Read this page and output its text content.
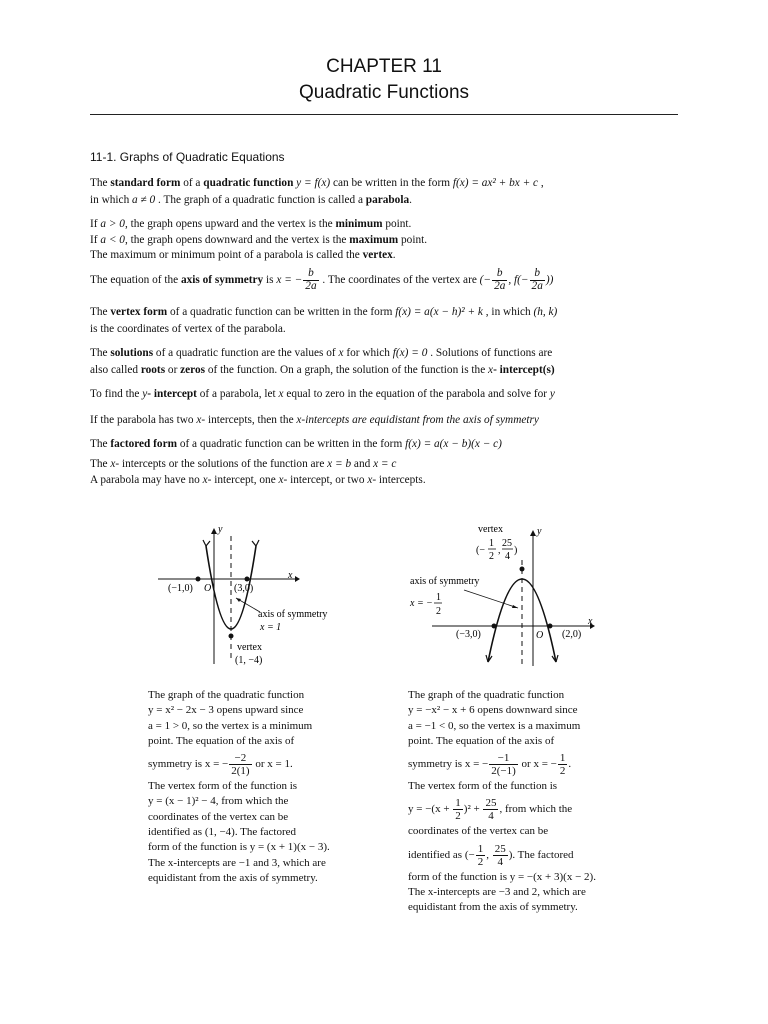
CHAPTER 11
Quadratic Functions
11-1. Graphs of Quadratic Equations
The standard form of a quadratic function y = f(x) can be written in the form f(x) = ax² + bx + c ,
in which a ≠ 0 . The graph of a quadratic function is called a parabola.
If a > 0, the graph opens upward and the vertex is the minimum point.
If a < 0, the graph opens downward and the vertex is the maximum point.
The maximum or minimum point of a parabola is called the vertex.
The equation of the axis of symmetry is x = − $\frac{b}{2a}$ . The coordinates of the vertex are (− $\frac{b}{2a}$ , $f(- \frac{b}{2a}$ ))
The vertex form of a quadratic function can be written in the form f(x) = a(x − h)² + k , in which (h, k)
is the coordinates of vertex of the parabola.
The solutions of a quadratic function are the values of x for which f(x) = 0 . Solutions of functions are
also called roots or zeros of the function. On a graph, the solution of the function is the x- intercept(s)
To find the y- intercept of a parabola, let x equal to zero in the equation of the parabola and solve for y
If the parabola has two x- intercepts, then the x-intercepts are equidistant from the axis of symmetry
The factored form of a quadratic function can be written in the form f(x) = a(x − b)(x − c)
The x- intercepts or the solutions of the function are x = b and x = c
A parabola may have no x- intercept, one x- intercept, or two x- intercepts.
y
x
O
(−1,0)	(3,0)
axis of symmetry
x = 1
vertex
(1, −4)
vertex	y
(−
1
2
,
25
4
)
axis of symmetry
x = −
1
2
x
(−3,0)	O (2,0)
The graph of the quadratic function
y = x² − 2x − 3 opens upward since
a = 1 > 0, so the vertex is a minimum
point. The equation of the axis of
symmetry is x = − $\frac{-2}{2(1)}$ or x = 1.
The vertex form of the function is
y = (x − 1)² − 4, from which the
coordinates of the vertex can be
identified as (1, −4). The factored
form of the function is y = (x + 1)(x − 3).
The x-intercepts are −1 and 3, which are
equidistant from the axis of symmetry.
The graph of the quadratic function
y = −x² − x + 6 opens downward since
a = −1 < 0, so the vertex is a maximum
point. The equation of the axis of
symmetry is x = − $\frac{-1}{2(-1)}$ or x = − $\frac{1}{2}$ .
The vertex form of the function is
$y = -(x + \frac{1}{2} )^2 + \frac{25}{4}$ , from which the
coordinates of the vertex can be
identified as (− $\frac{1}{2}$ , $\frac{25}{4}$ ). The factored
form of the function is y = −(x + 3)(x − 2).
The x-intercepts are −3 and 2, which are
equidistant from the axis of symmetry.
